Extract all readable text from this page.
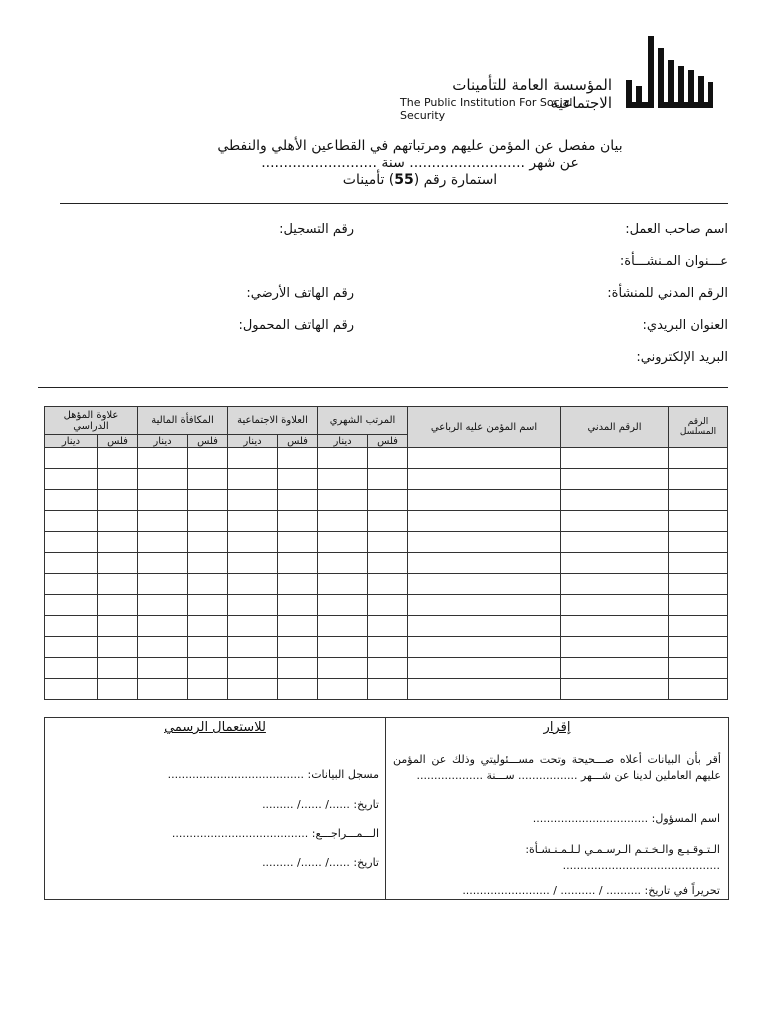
المؤسسة العامة للتأمينات الاجتماعية
The Public Institution For Social Security
بيان مفصل عن المؤمن عليهم ومرتباتهم في القطاعين الأهلي والنفطي
عن شهر .......................... سنة ..........................
استمارة رقم (55) تأمينات
اسم صاحب العمل:
رقم التسجيل:
عـــنوان المـنشـــأة:
الرقم المدني للمنشأة:
رقم الهاتف الأرضي:
العنوان البريدي:
رقم الهاتف المحمول:
البريد الإلكتروني:
الرقم المسلسل	الرقم المدني	اسم المؤمن عليه الرباعي	المرتب الشهري		العلاوة الاجتماعية		المكافأة المالية		علاوة المؤهل الدراسي	
			فلس	دينار	فلس	دينار	فلس	دينار	فلس	دينار

إقرار
أقر بأن البيانات أعلاه صـــحيحة وتحت مســـئوليتي وذلك عن المؤمن عليهم العاملين لدينا عن شـــهر ................. ســـنة ...................
اسم المسؤول: .................................
الـتـوقـيـع والـخـتـم الـرسـمـي لـلـمـنـشـأة: .............................................
تحريراً في تاريخ: .......... / .......... / .........................
للاستعمال الرسمي
مسجل البيانات: .......................................
تاريخ: ....../ ....../ .........
الـــمـــراجـــع: .......................................
تاريخ: ....../ ....../ .........
